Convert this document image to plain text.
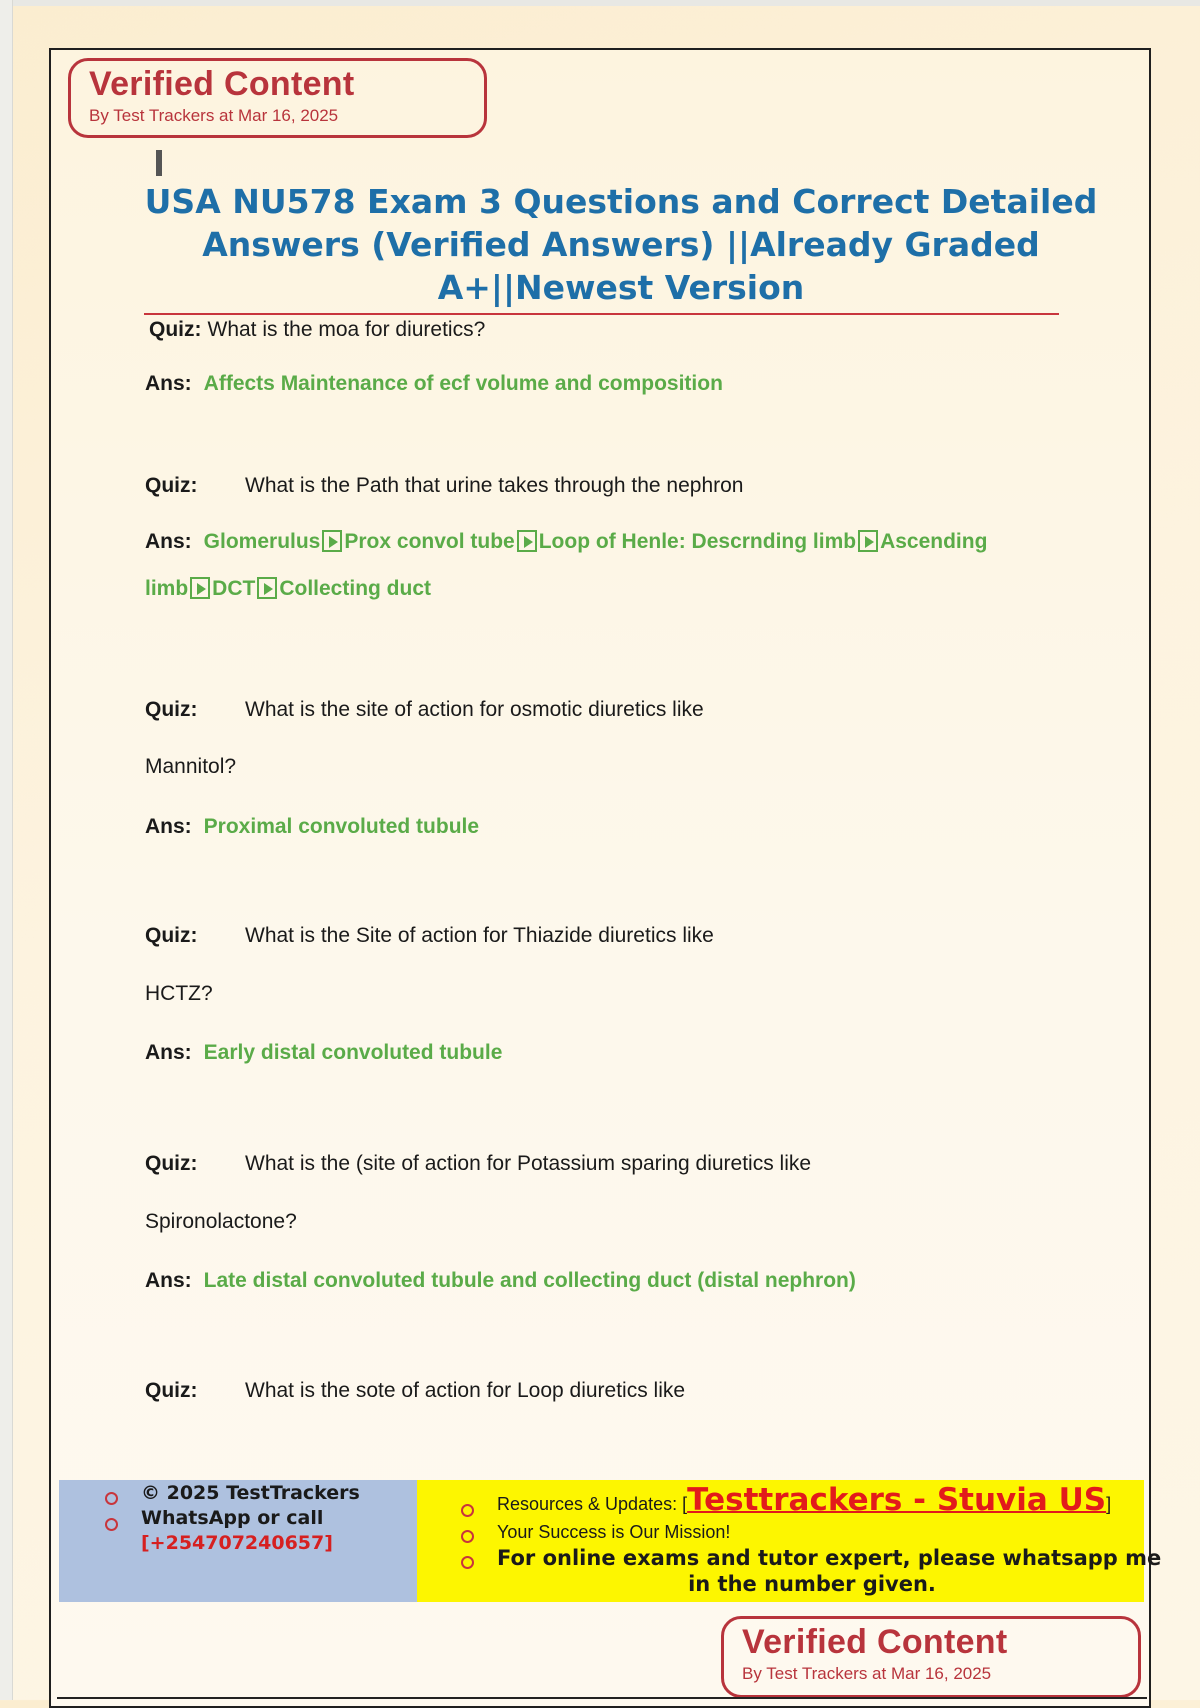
Verified Content
By Test Trackers at Mar 16, 2025
USA NU578 Exam 3 Questions and Correct Detailed
Answers (Verified Answers) ||Already Graded
A+||Newest Version
Quiz: What is the moa for diuretics?
Ans: Affects Maintenance of ecf volume and composition
Quiz: What is the Path that urine takes through the nephron
Ans: Glomerulus Prox convol tube Loop of Henle: Descrnding limb Ascending
limb DCT Collecting duct
Quiz: What is the site of action for osmotic diuretics like
Mannitol?
Ans: Proximal convoluted tubule
Quiz: What is the Site of action for Thiazide diuretics like
HCTZ?
Ans: Early distal convoluted tubule
Quiz: What is the (site of action for Potassium sparing diuretics like
Spironolactone?
Ans: Late distal convoluted tubule and collecting duct (distal nephron)
Quiz: What is the sote of action for Loop diuretics like
© 2025 TestTrackers
WhatsApp or call
[+254707240657]
Resources & Updates: [Testtrackers - Stuvia US]
Your Success is Our Mission!
For online exams and tutor expert, please whatsapp me
in the number given.
Verified Content
By Test Trackers at Mar 16, 2025
